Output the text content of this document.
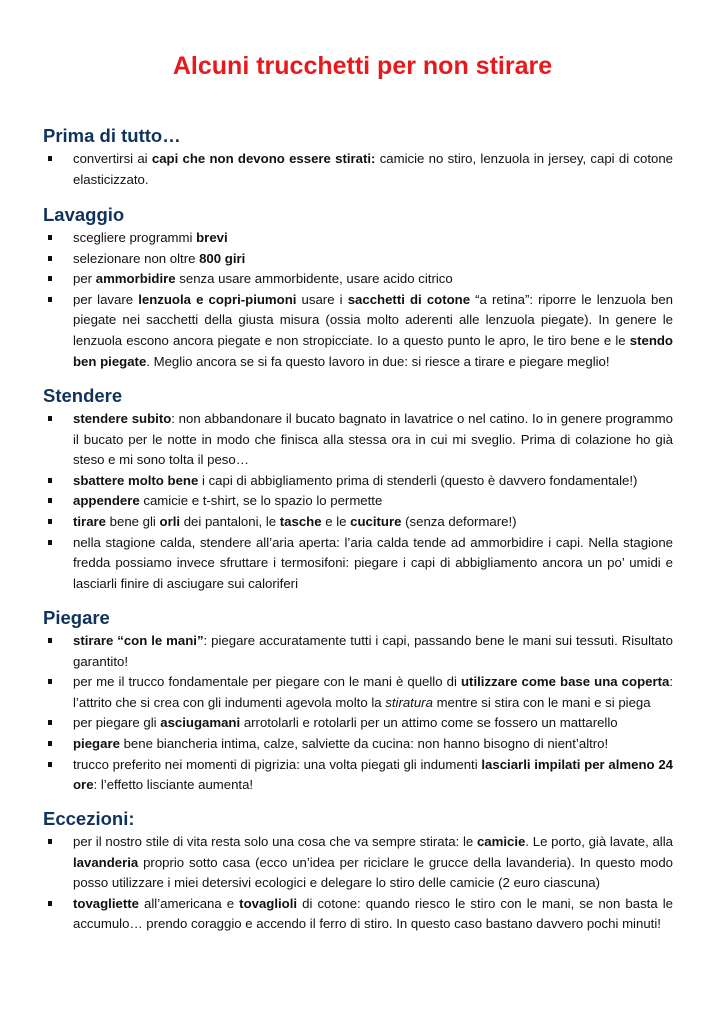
Alcuni trucchetti per non stirare
Prima di tutto…
convertirsi ai capi che non devono essere stirati: camicie no stiro, lenzuola in jersey, capi di cotone elasticizzato.
Lavaggio
scegliere programmi brevi
selezionare non oltre 800 giri
per ammorbidire senza usare ammorbidente, usare acido citrico
per lavare lenzuola e copri-piumoni usare i sacchetti di cotone “a retina”: riporre le lenzuola ben piegate nei sacchetti della giusta misura (ossia molto aderenti alle lenzuola piegate). In genere le lenzuola escono ancora piegate e non stropicciate. Io a questo punto le apro, le tiro bene e le stendo ben piegate. Meglio ancora se si fa questo lavoro in due: si riesce a tirare e piegare meglio!
Stendere
stendere subito: non abbandonare il bucato bagnato in lavatrice o nel catino. Io in genere programmo il bucato per le notte in modo che finisca alla stessa ora in cui mi sveglio. Prima di colazione ho già steso e mi sono tolta il peso…
sbattere molto bene i capi di abbigliamento prima di stenderli (questo è davvero fondamentale!)
appendere camicie e t-shirt, se lo spazio lo permette
tirare bene gli orli dei pantaloni, le tasche e le cuciture (senza deformare!)
nella stagione calda, stendere all’aria aperta: l’aria calda tende ad ammorbidire i capi. Nella stagione fredda possiamo invece sfruttare i termosifoni: piegare i capi di abbigliamento ancora un po’ umidi e lasciarli finire di asciugare sui caloriferi
Piegare
stirare “con le mani”: piegare accuratamente tutti i capi, passando bene le mani sui tessuti. Risultato garantito!
per me il trucco fondamentale per piegare con le mani è quello di utilizzare come base una coperta: l’attrito che si crea con gli indumenti agevola molto la stiratura mentre si stira con le mani e si piega
per piegare gli asciugamani arrotolarli e rotolarli per un attimo come se fossero un mattarello
piegare bene biancheria intima, calze, salviette da cucina: non hanno bisogno di nient’altro!
trucco preferito nei momenti di pigrizia: una volta piegati gli indumenti lasciarli impilati per almeno 24 ore: l’effetto lisciante aumenta!
Eccezioni:
per il nostro stile di vita resta solo una cosa che va sempre stirata: le camicie. Le porto, già lavate, alla lavanderia proprio sotto casa (ecco un’idea per riciclare le grucce della lavanderia). In questo modo posso utilizzare i miei detersivi ecologici e delegare lo stiro delle camicie (2 euro ciascuna)
tovagliette all’americana e tovaglioli di cotone: quando riesco le stiro con le mani, se non basta le accumulo… prendo coraggio e accendo il ferro di stiro. In questo caso bastano davvero pochi minuti!
